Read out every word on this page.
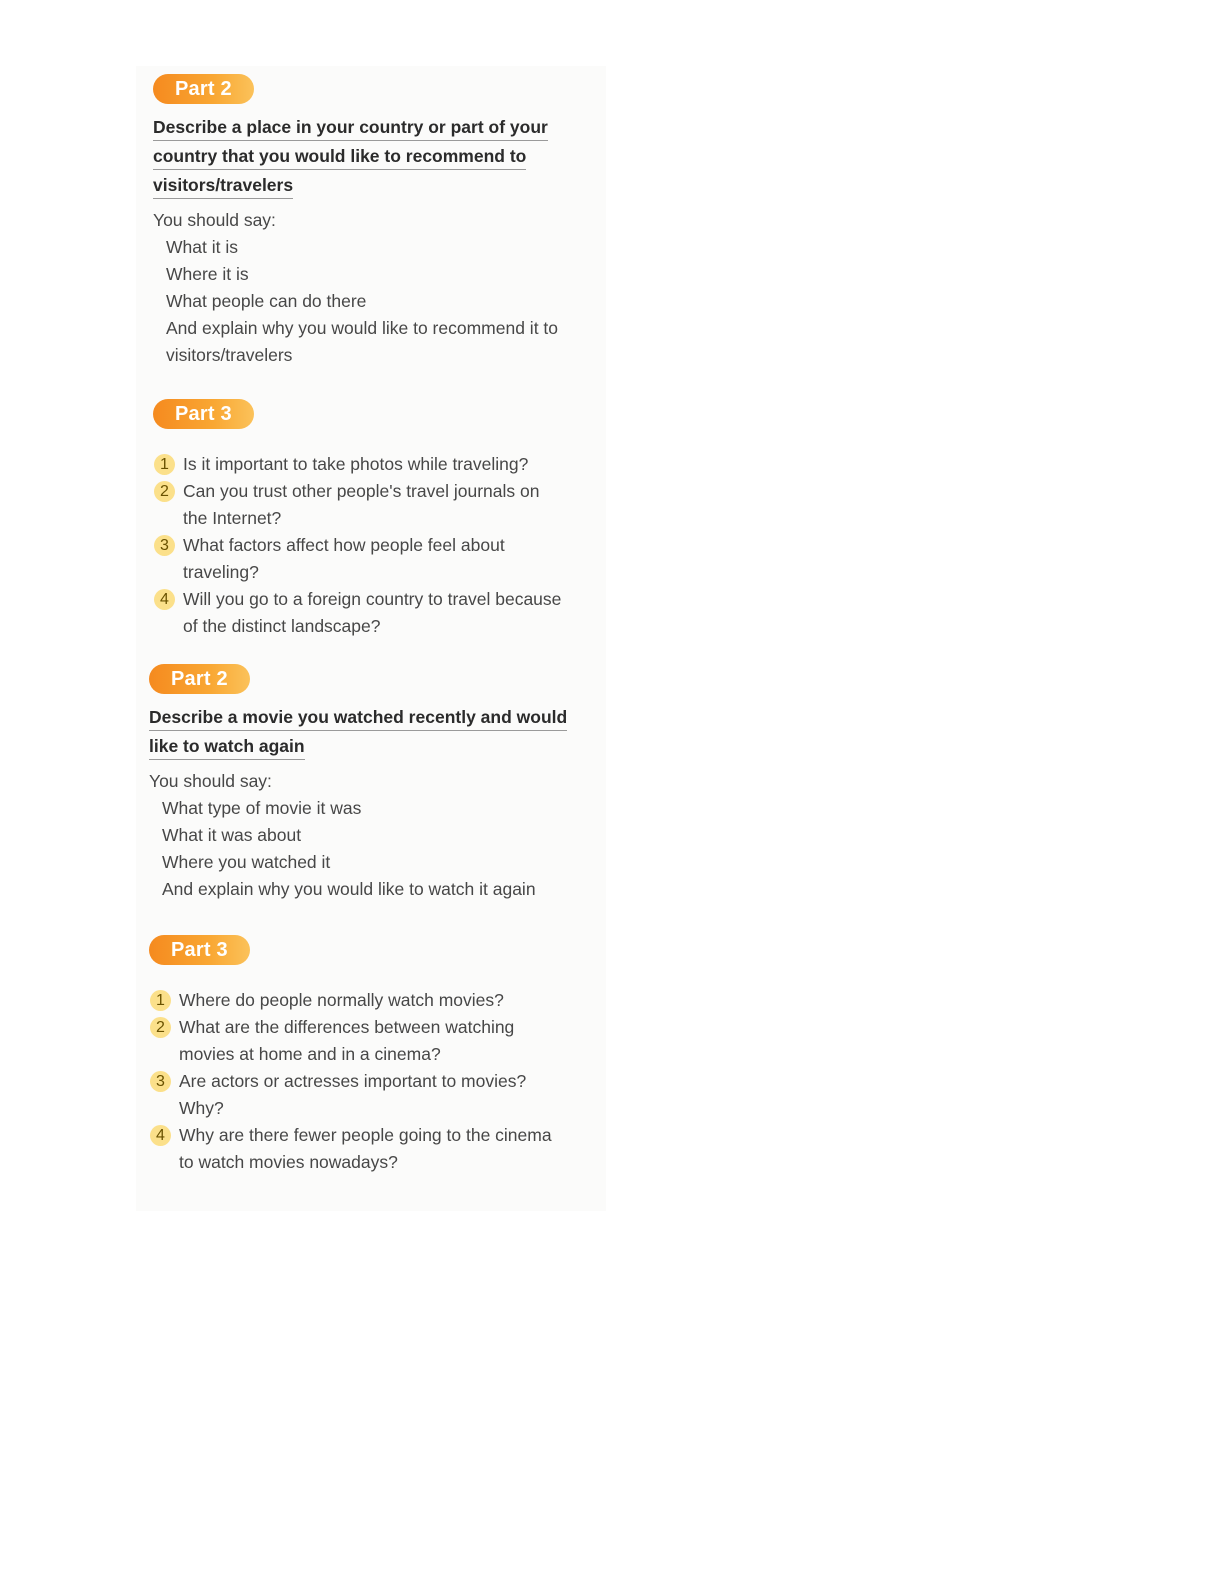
Part 2
Describe a place in your country or part of your
country that you would like to recommend to
visitors/travelers
You should say:
What it is
Where it is
What people can do there
And explain why you would like to recommend it to
visitors/travelers
Part 3
1 Is it important to take photos while traveling?
2 Can you trust other people's travel journals on
the Internet?
3 What factors affect how people feel about
traveling?
4 Will you go to a foreign country to travel because
of the distinct landscape?
Part 2
Describe a movie you watched recently and would
like to watch again
You should say:
What type of movie it was
What it was about
Where you watched it
And explain why you would like to watch it again
Part 3
1 Where do people normally watch movies?
2 What are the differences between watching
movies at home and in a cinema?
3 Are actors or actresses important to movies?
Why?
4 Why are there fewer people going to the cinema
to watch movies nowadays?
